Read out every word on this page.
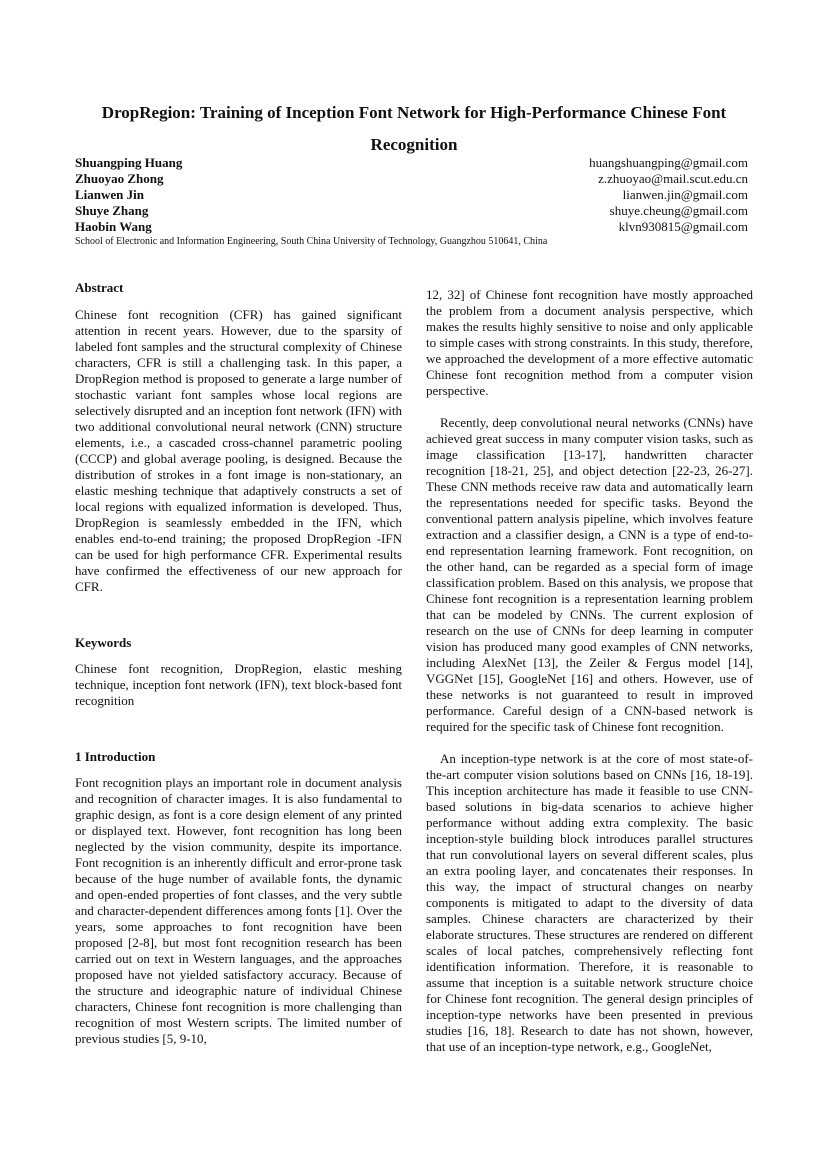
DropRegion: Training of Inception Font Network for High-Performance Chinese Font Recognition
Shuangping Huang	huangshuangping@gmail.com
Zhuoyao Zhong	z.zhuoyao@mail.scut.edu.cn
Lianwen Jin	lianwen.jin@gmail.com
Shuye Zhang	shuye.cheung@gmail.com
Haobin Wang	klvn930815@gmail.com
School of Electronic and Information Engineering, South China University of Technology, Guangzhou 510641, China

Abstract

Chinese font recognition (CFR) has gained significant attention in recent years. However, due to the sparsity of labeled font samples and the structural complexity of Chinese characters, CFR is still a challenging task. In this paper, a DropRegion method is proposed to generate a large number of stochastic variant font samples whose local regions are selectively disrupted and an inception font network (IFN) with two additional convolutional neural network (CNN) structure elements, i.e., a cascaded cross-channel parametric pooling (CCCP) and global average pooling, is designed. Because the distribution of strokes in a font image is non-stationary, an elastic meshing technique that adaptively constructs a set of local regions with equalized information is developed. Thus, DropRegion is seamlessly embedded in the IFN, which enables end-to-end training; the proposed DropRegion -IFN can be used for high performance CFR. Experimental results have confirmed the effectiveness of our new approach for CFR.

Keywords

Chinese font recognition, DropRegion, elastic meshing technique, inception font network (IFN), text block-based font recognition

1 Introduction

Font recognition plays an important role in document analysis and recognition of character images. It is also fundamental to graphic design, as font is a core design element of any printed or displayed text. However, font recognition has long been neglected by the vision community, despite its importance. Font recognition is an inherently difficult and error-prone task because of the huge number of available fonts, the dynamic and open-ended properties of font classes, and the very subtle and character-dependent differences among fonts [1]. Over the years, some approaches to font recognition have been proposed [2-8], but most font recognition research has been carried out on text in Western languages, and the approaches proposed have not yielded satisfactory accuracy. Because of the structure and ideographic nature of individual Chinese characters, Chinese font recognition is more challenging than recognition of most Western scripts. The limited number of previous studies [5, 9-10,

12, 32] of Chinese font recognition have mostly approached the problem from a document analysis perspective, which makes the results highly sensitive to noise and only applicable to simple cases with strong constraints. In this study, therefore, we approached the development of a more effective automatic Chinese font recognition method from a computer vision perspective.

Recently, deep convolutional neural networks (CNNs) have achieved great success in many computer vision tasks, such as image classification [13-17], handwritten character recognition [18-21, 25], and object detection [22-23, 26-27]. These CNN methods receive raw data and automatically learn the representations needed for specific tasks. Beyond the conventional pattern analysis pipeline, which involves feature extraction and a classifier design, a CNN is a type of end-to-end representation learning framework. Font recognition, on the other hand, can be regarded as a special form of image classification problem. Based on this analysis, we propose that Chinese font recognition is a representation learning problem that can be modeled by CNNs. The current explosion of research on the use of CNNs for deep learning in computer vision has produced many good examples of CNN networks, including AlexNet [13], the Zeiler & Fergus model [14], VGGNet [15], GoogleNet [16] and others. However, use of these networks is not guaranteed to result in improved performance. Careful design of a CNN-based network is required for the specific task of Chinese font recognition.

An inception-type network is at the core of most state-of-the-art computer vision solutions based on CNNs [16, 18-19]. This inception architecture has made it feasible to use CNN-based solutions in big-data scenarios to achieve higher performance without adding extra complexity. The basic inception-style building block introduces parallel structures that run convolutional layers on several different scales, plus an extra pooling layer, and concatenates their responses. In this way, the impact of structural changes on nearby components is mitigated to adapt to the diversity of data samples. Chinese characters are characterized by their elaborate structures. These structures are rendered on different scales of local patches, comprehensively reflecting font identification information. Therefore, it is reasonable to assume that inception is a suitable network structure choice for Chinese font recognition. The general design principles of inception-type networks have been presented in previous studies [16, 18]. Research to date has not shown, however, that use of an inception-type network, e.g., GoogleNet,
